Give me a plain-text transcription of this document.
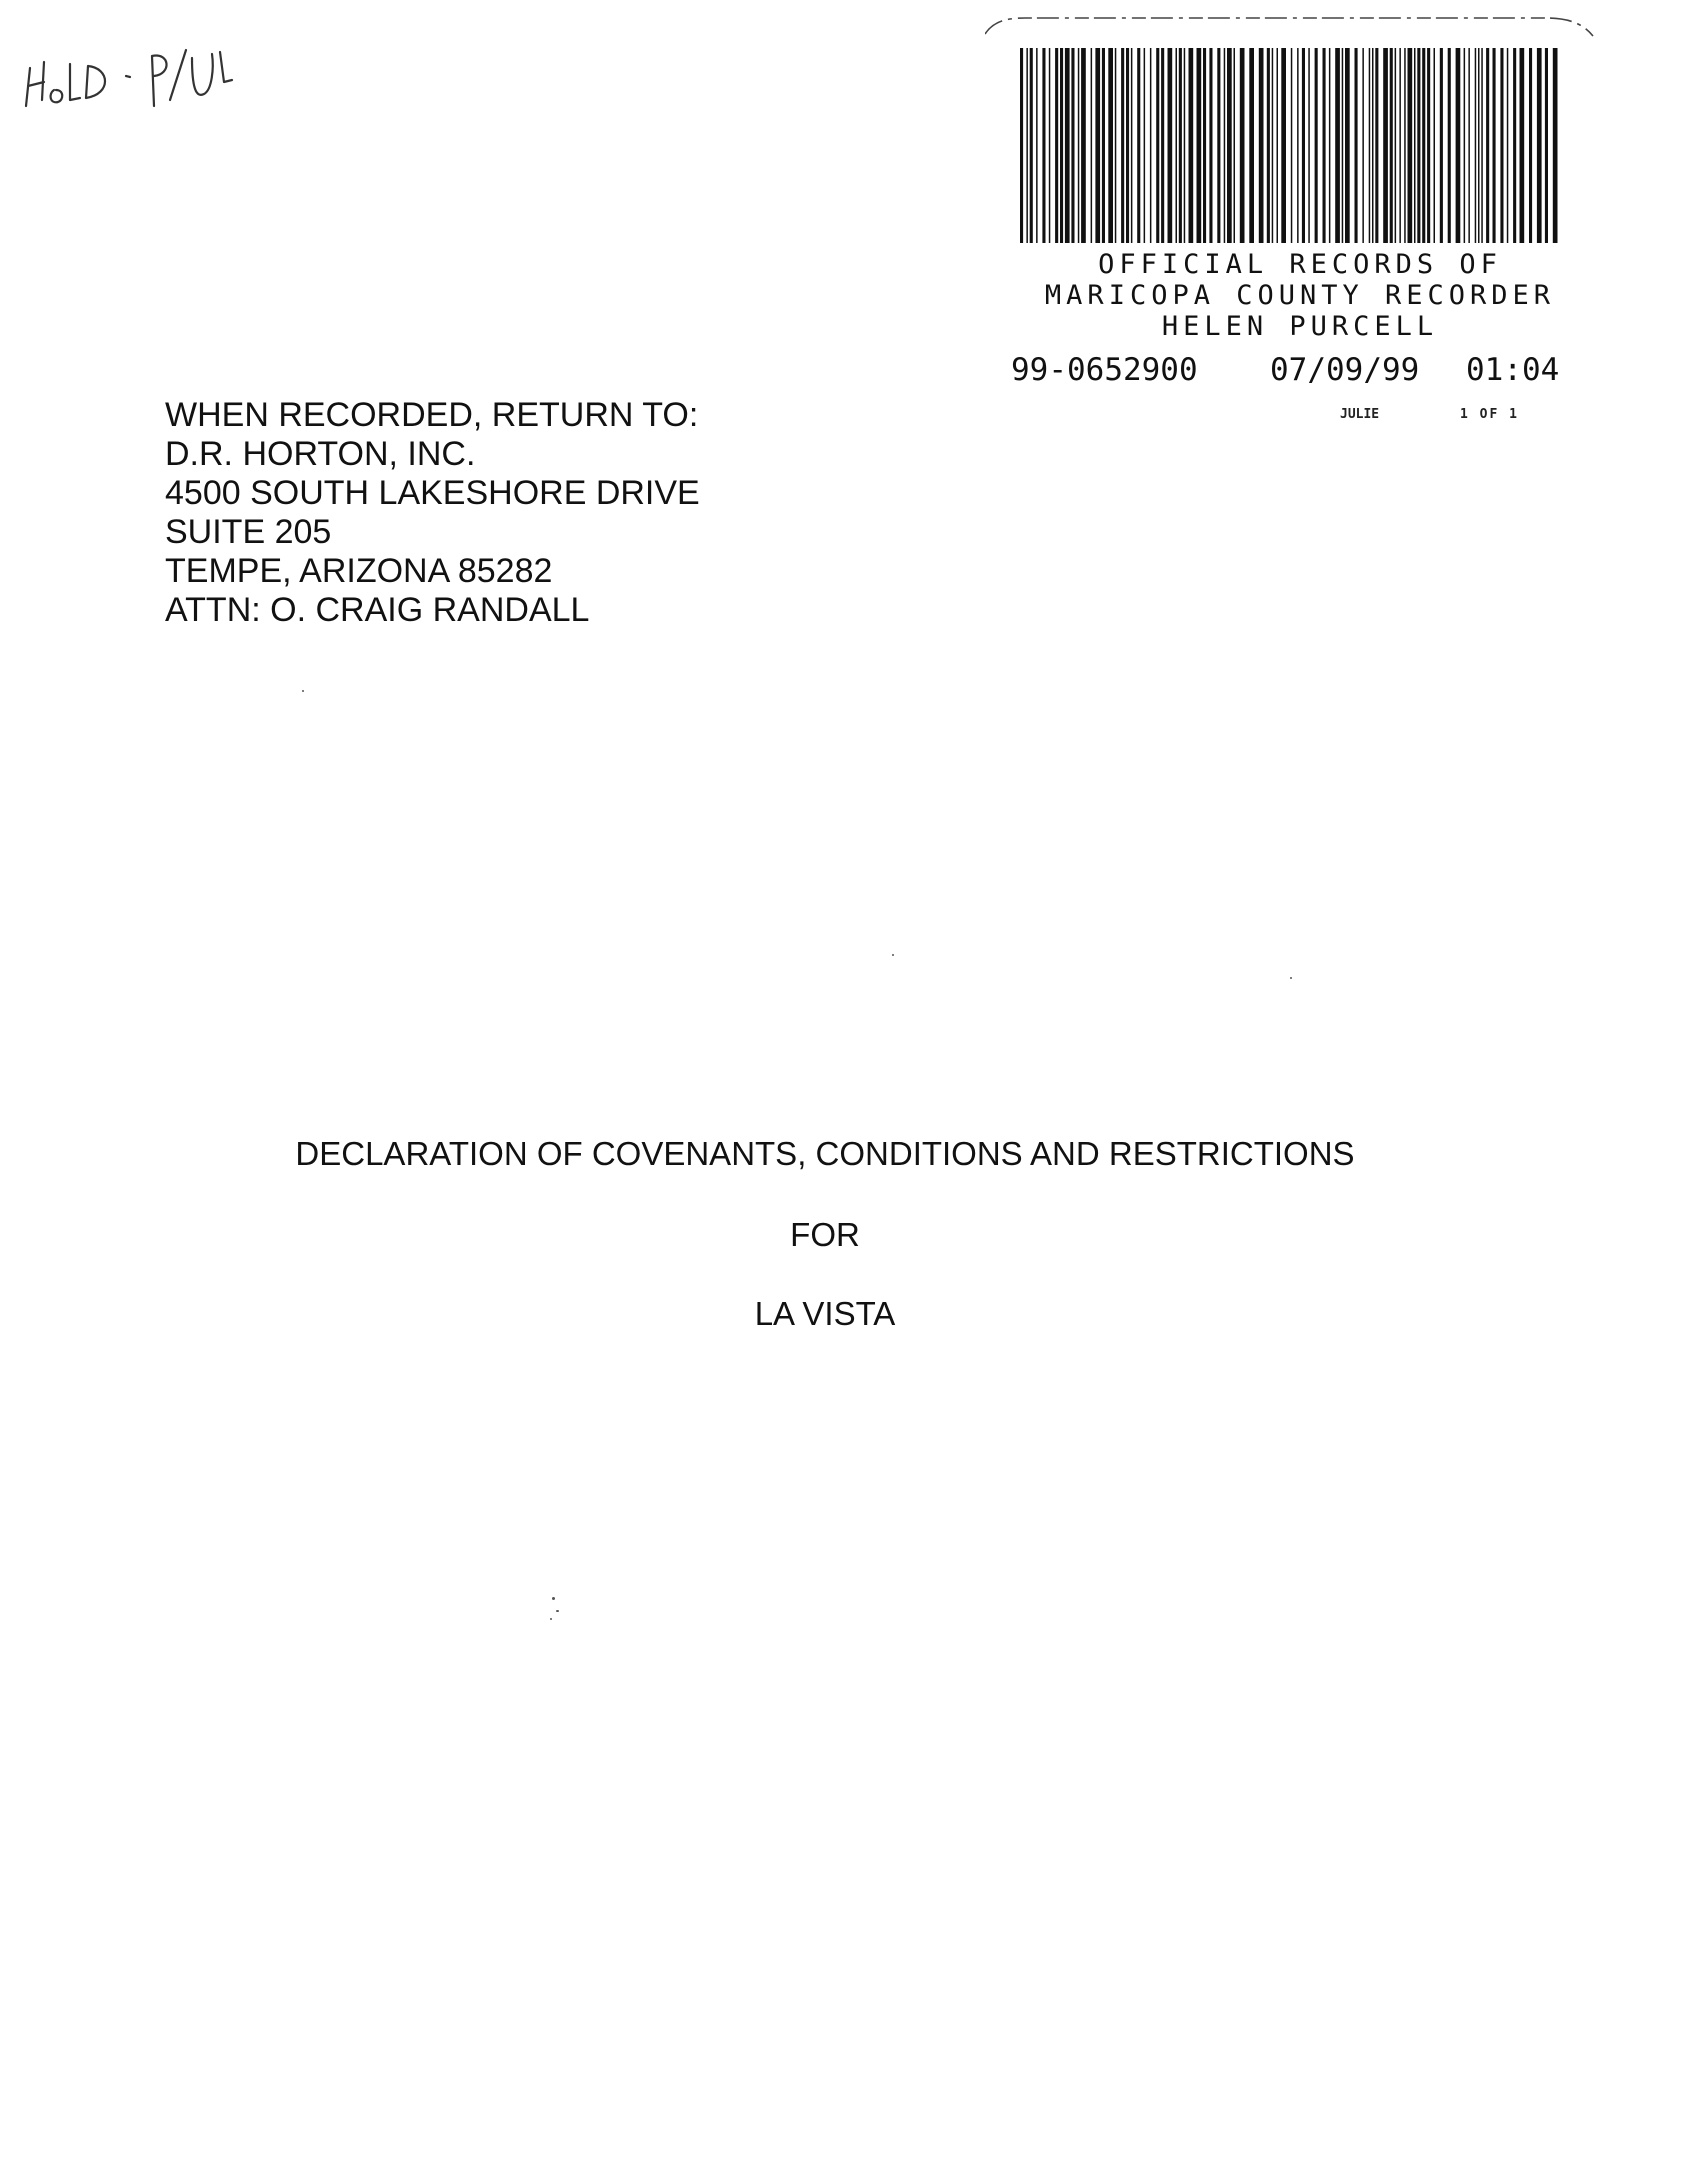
OFFICIAL RECORDS OF
MARICOPA COUNTY RECORDER
HELEN PURCELL
99-0652900 07/09/99 01:04
JULIE	1 OF 1
WHEN RECORDED, RETURN TO:
D.R. HORTON, INC.
4500 SOUTH LAKESHORE DRIVE
SUITE 205
TEMPE, ARIZONA 85282
ATTN: O. CRAIG RANDALL
DECLARATION OF COVENANTS, CONDITIONS AND RESTRICTIONS
FOR
LA VISTA
